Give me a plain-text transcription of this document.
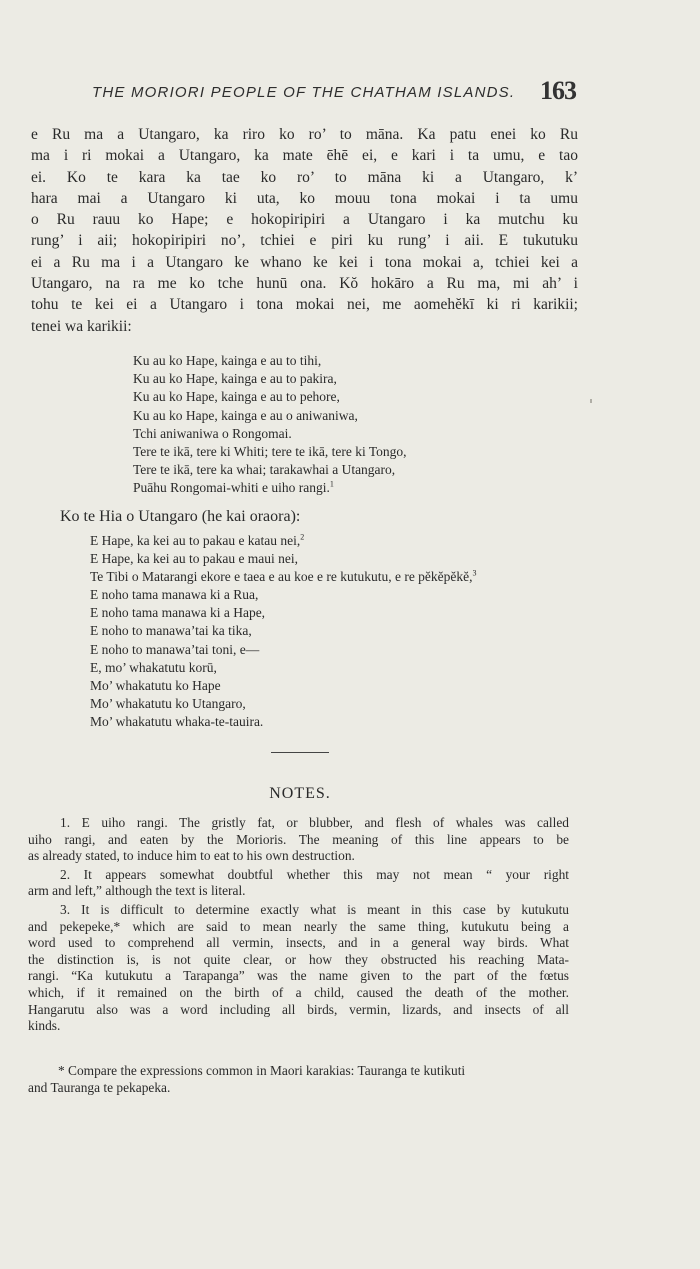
THE MORIORI PEOPLE OF THE CHATHAM ISLANDS. 163
e Ru ma a Utangaro, ka riro ko ro’ to māna. Ka patu enei ko Ru
ma i ri mokai a Utangaro, ka mate ēhē ei, e kari i ta umu, e tao
ei. Ko te kara ka tae ko ro’ to māna ki a Utangaro, k’
hara mai a Utangaro ki uta, ko mouu tona mokai i ta umu
o Ru rauu ko Hape; e hokopiripiri a Utangaro i ka mutchu ku
rung’ i aii; hokopiripiri no’, tchiei e piri ku rung’ i aii. E tukutuku
ei a Ru ma i a Utangaro ke whano ke kei i tona mokai a, tchiei kei a
Utangaro, na ra me ko tche hunū ona. Kŏ hokāro a Ru ma, mi ah’ i
tohu te kei ei a Utangaro i tona mokai nei, me aomehĕkī ki ri karikii;
tenei wa karikii:
Ku au ko Hape, kainga e au to tihi,
Ku au ko Hape, kainga e au to pakira,
Ku au ko Hape, kainga e au to pehore,
Ku au ko Hape, kainga e au o aniwaniwa,
Tchi aniwaniwa o Rongomai.
Tere te ikā, tere ki Whiti; tere te ikā, tere ki Tongo,
Tere te ikā, tere ka whai; tarakawhai a Utangaro,
Puāhu Rongomai-whiti e uiho rangi.$^1$
Ko te Hia o Utangaro (he kai oraora):
E Hape, ka kei au to pakau e katau nei,$^2$
E Hape, ka kei au to pakau e maui nei,
Te Tibi o Matarangi ekore e taea e au koe e re kutukutu, e re pĕkĕpĕkĕ,$^3$
E noho tama manawa ki a Rua,
E noho tama manawa ki a Hape,
E noho to manawa’tai ka tika,
E noho to manawa’tai toni, e—
E, mo’ whakatutu korū,
Mo’ whakatutu ko Hape
Mo’ whakatutu ko Utangaro,
Mo’ whakatutu whaka-te-tauira.
NOTES.
1. E uiho rangi. The gristly fat, or blubber, and flesh of whales was called
uiho rangi, and eaten by the Morioris. The meaning of this line appears to be
as already stated, to induce him to eat to his own destruction.
2. It appears somewhat doubtful whether this may not mean “ your right
arm and left,” although the text is literal.
3. It is difficult to determine exactly what is meant in this case by kutukutu
and pekepeke,* which are said to mean nearly the same thing, kutukutu being a
word used to comprehend all vermin, insects, and in a general way birds. What
the distinction is, is not quite clear, or how they obstructed his reaching Mata-
rangi. “Ka kutukutu a Tarapanga” was the name given to the part of the fœtus
which, if it remained on the birth of a child, caused the death of the mother.
Hangarutu also was a word including all birds, vermin, lizards, and insects of all
kinds.
* Compare the expressions common in Maori karakias: Tauranga te kutikuti
and Tauranga te pekapeka.
